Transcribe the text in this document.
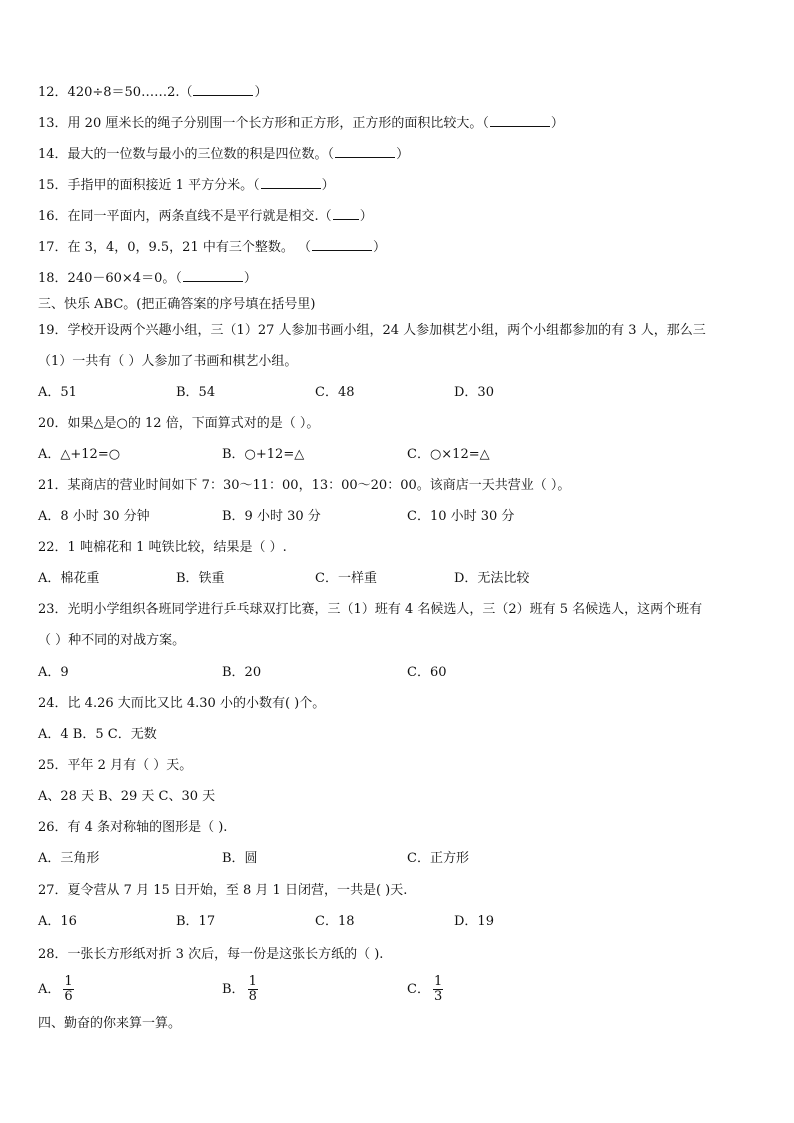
12．420÷8＝50……2.（	）
13．用 20 厘米长的绳子分别围一个长方形和正方形，正方形的面积比较大。（	）
14．最大的一位数与最小的三位数的积是四位数。（	）
15．手指甲的面积接近 1 平方分米。（	）
16．在同一平面内，两条直线不是平行就是相交.（ ）
17．在 3，4，0，9.5，21 中有三个整数。 （	）
18．240－60×4＝0。（	）
三、快乐 ABC。(把正确答案的序号填在括号里)
19．学校开设两个兴趣小组，三（1）27 人参加书画小组，24 人参加棋艺小组，两个小组都参加的有 3 人，那么三
（1）一共有（ ）人参加了书画和棋艺小组。
A．51	B．54	C．48	D．30
20．如果△是○的 12 倍，下面算式对的是（ ）。
A．△+12=○	B．○+12=△	C．○×12=△
21．某商店的营业时间如下 7：30～11：00，13：00～20：00。该商店一天共营业（ ）。
A．8 小时 30 分钟	B．9 小时 30 分	C．10 小时 30 分
22．1 吨棉花和 1 吨铁比较，结果是（ ）.
A．棉花重	B．铁重	C．一样重	D．无法比较
23．光明小学组织各班同学进行乒乓球双打比赛，三（1）班有 4 名候选人，三（2）班有 5 名候选人，这两个班有
（ ）种不同的对战方案。
A．9	B．20	C．60
24．比 4.26 大而比又比 4.30 小的小数有( )个。
A．4 B．5 C．无数
25．平年 2 月有（ ）天。
A、28 天 B、29 天 C、30 天
26．有 4 条对称轴的图形是（ ).
A．三角形	B．圆	C．正方形
27．夏令营从 7 月 15 日开始，至 8 月 1 日闭营，一共是( )天.
A．16	B．17	C．18	D．19
28．一张长方形纸对折 3 次后，每一份是这张长方纸的（ ).
A． $\frac{1}{6}$	B． $\frac{1}{8}$	C． $\frac{1}{3}$
四、勤奋的你来算一算。
